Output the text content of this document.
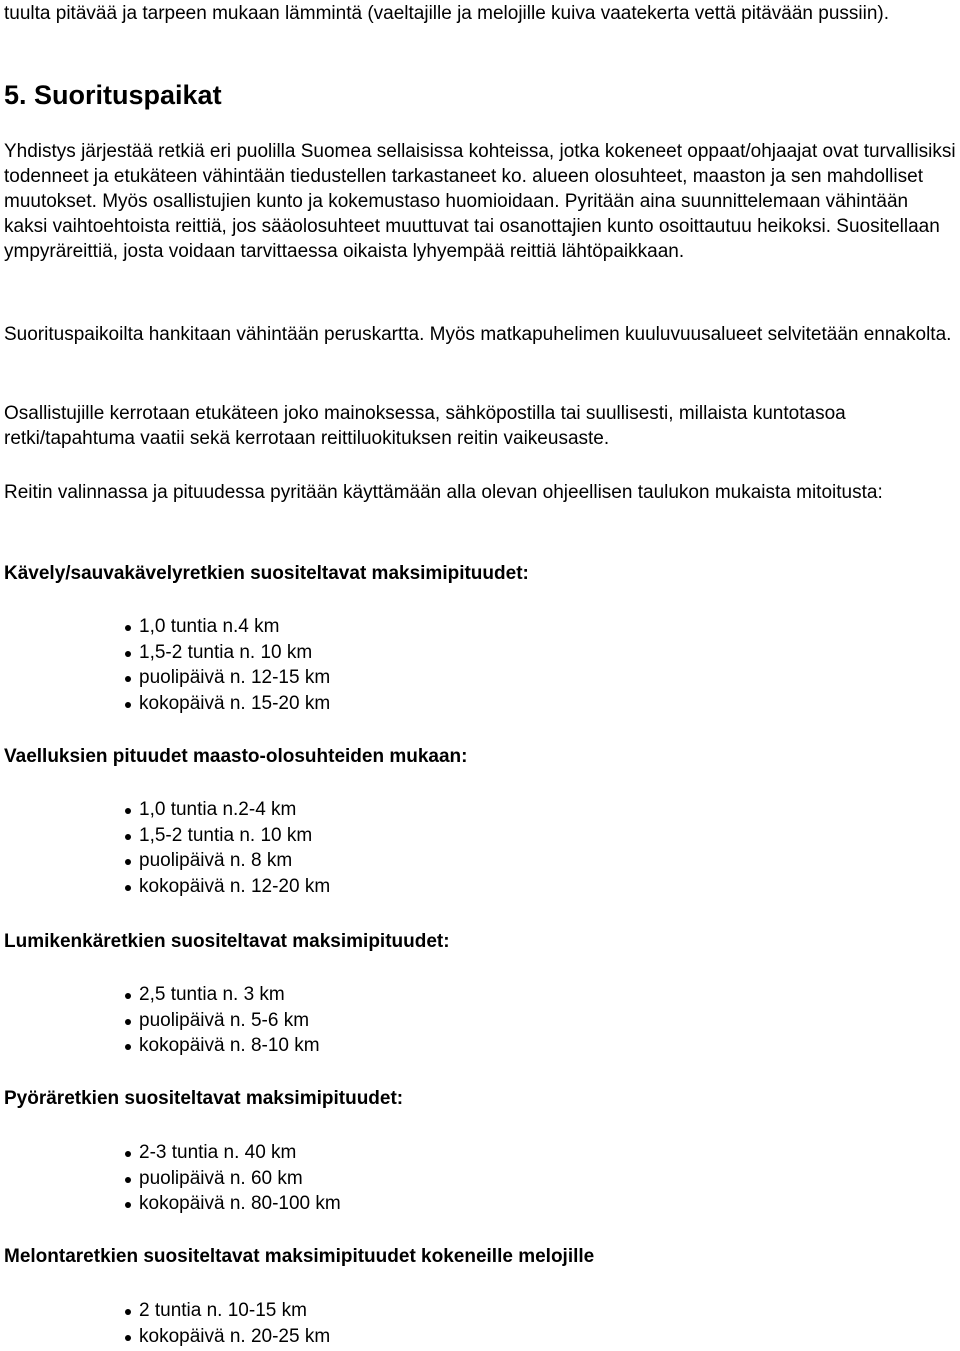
tuulta pitävää ja tarpeen mukaan lämmintä (vaeltajille ja melojille kuiva vaatekerta vettä pitävään pussiin).

5. Suorituspaikat

Yhdistys järjestää retkiä eri puolilla Suomea sellaisissa kohteissa, jotka kokeneet oppaat/ohjaajat ovat turvallisiksi todenneet ja etukäteen vähintään tiedustellen tarkastaneet ko. alueen olosuhteet, maaston ja sen mahdolliset muutokset. Myös osallistujien kunto ja kokemustaso huomioidaan. Pyritään aina suunnittelemaan vähintään kaksi vaihtoehtoista reittiä, jos sääolosuhteet muuttuvat tai osanottajien kunto osoittautuu heikoksi. Suositellaan ympyräreittiä, josta voidaan tarvittaessa oikaista lyhyempää reittiä lähtöpaikkaan.

Suorituspaikoilta hankitaan vähintään peruskartta. Myös matkapuhelimen kuuluvuusalueet selvitetään ennakolta.

Osallistujille kerrotaan etukäteen joko mainoksessa, sähköpostilla tai suullisesti, millaista kuntotasoa retki/tapahtuma vaatii sekä kerrotaan reittiluokituksen reitin vaikeusaste.

Reitin valinnassa ja pituudessa pyritään käyttämään alla olevan ohjeellisen taulukon mukaista mitoitusta:

Kävely/sauvakävelyretkien suositeltavat maksimipituudet:
1,0 tuntia n.4 km
1,5-2 tuntia n. 10 km
puolipäivä n. 12-15 km
kokopäivä n. 15-20 km
Vaelluksien pituudet maasto-olosuhteiden mukaan:
1,0 tuntia n.2-4 km
1,5-2 tuntia n. 10 km
puolipäivä n. 8 km
kokopäivä n. 12-20 km
Lumikenkäretkien suositeltavat maksimipituudet:
2,5 tuntia n. 3 km
puolipäivä n. 5-6 km
kokopäivä n. 8-10 km
Pyöräretkien suositeltavat maksimipituudet:
2-3 tuntia n. 40 km
puolipäivä n. 60 km
kokopäivä n. 80-100 km
Melontaretkien suositeltavat maksimipituudet kokeneille melojille
2 tuntia n. 10-15 km
kokopäivä n. 20-25 km
